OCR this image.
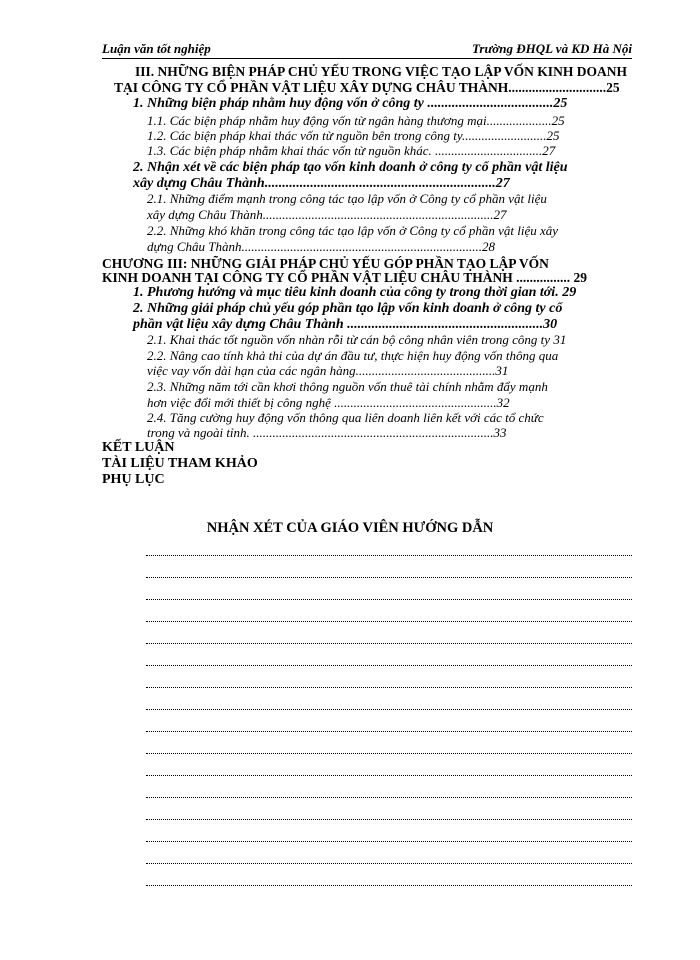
Luận văn tốt nghiệp	Trường ĐHQL và KD Hà Nội
III. NHỮNG BIỆN PHÁP CHỦ YẾU TRONG VIỆC TẠO LẬP VỐN KINH DOANH
TẠI CÔNG TY CỔ PHẦN VẬT LIỆU XÂY DỰNG CHÂU THÀNH.............................25
1. Những biện pháp nhằm huy động vốn ở công ty ....................................25
1.1. Các biện pháp nhằm huy động vốn từ ngân hàng thương mại....................25
1.2. Các biện pháp khai thác vốn từ nguồn bên trong công ty..........................25
1.3. Các biện pháp nhằm khai thác vốn từ nguồn khác. .................................27
2. Nhận xét về các biện pháp tạo vốn kinh doanh ở công ty cổ phần vật liệu
xây dựng Châu Thành..................................................................27
2.1. Những điểm mạnh trong công tác tạo lập vốn ở Công ty cổ phần vật liệu
xây dựng Châu Thành.......................................................................27
2.2. Những khó khăn trong công tác tạo lập vốn ở Công ty cổ phần vật liệu xây
dựng Châu Thành..........................................................................28
CHƯƠNG III: NHỮNG GIẢI PHÁP CHỦ YẾU GÓP PHẦN TẠO LẬP VỐN
KINH DOANH TẠI CÔNG TY CỔ PHẦN VẬT LIỆU CHÂU THÀNH ................ 29
1. Phương hướng và mục tiêu kinh doanh của công ty trong thời gian tới. 29
2. Những giải pháp chủ yếu góp phần tạo lập vốn kinh doanh ở công ty cổ
phần vật liệu xây dựng Châu Thành ........................................................30
2.1. Khai thác tốt nguồn vốn nhàn rỗi từ cán bộ công nhân viên trong công ty 31
2.2. Nâng cao tính khả thi của dự án đầu tư, thực hiện huy động vốn thông qua
việc vay vốn dài hạn của các ngân hàng...........................................31
2.3. Những năm tới cần khơi thông nguồn vốn thuê tài chính nhằm đẩy mạnh
hơn việc đổi mới thiết bị công nghệ ..................................................32
2.4. Tăng cường huy động vốn thông qua liên doanh liên kết với các tổ chức
trong và ngoài tỉnh. ..........................................................................33
KẾT LUẬN
TÀI LIỆU THAM KHẢO
PHỤ LỤC
NHẬN XÉT CỦA GIÁO VIÊN HƯỚNG DẪN
